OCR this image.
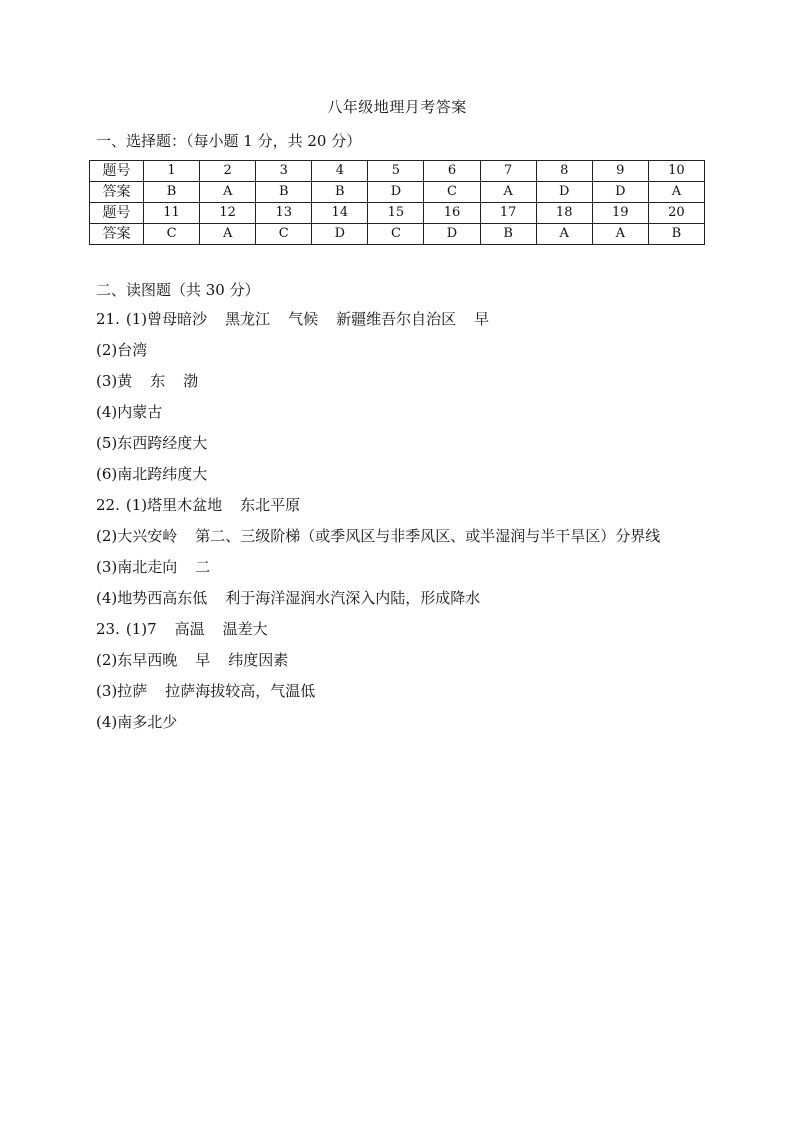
八年级地理月考答案
一、选择题：（每小题 1 分，共 20 分）
题号	1	2	3	4	5	6	7	8	9	10
答案	B	A	B	B	D	C	A	D	D	A
题号	11	12	13	14	15	16	17	18	19	20
答案	C	A	C	D	C	D	B	A	A	B
二、读图题（共 30 分）
21. (1)曾母暗沙 黑龙江 气候 新疆维吾尔自治区 早
(2)台湾
(3)黄 东 渤
(4)内蒙古
(5)东西跨经度大
(6)南北跨纬度大
22. (1)塔里木盆地 东北平原
(2)大兴安岭 第二、三级阶梯（或季风区与非季风区、或半湿润与半干旱区）分界线
(3)南北走向 二
(4)地势西高东低 利于海洋湿润水汽深入内陆，形成降水
23. (1)7 高温 温差大
(2)东早西晚 早 纬度因素
(3)拉萨 拉萨海拔较高，气温低
(4)南多北少
